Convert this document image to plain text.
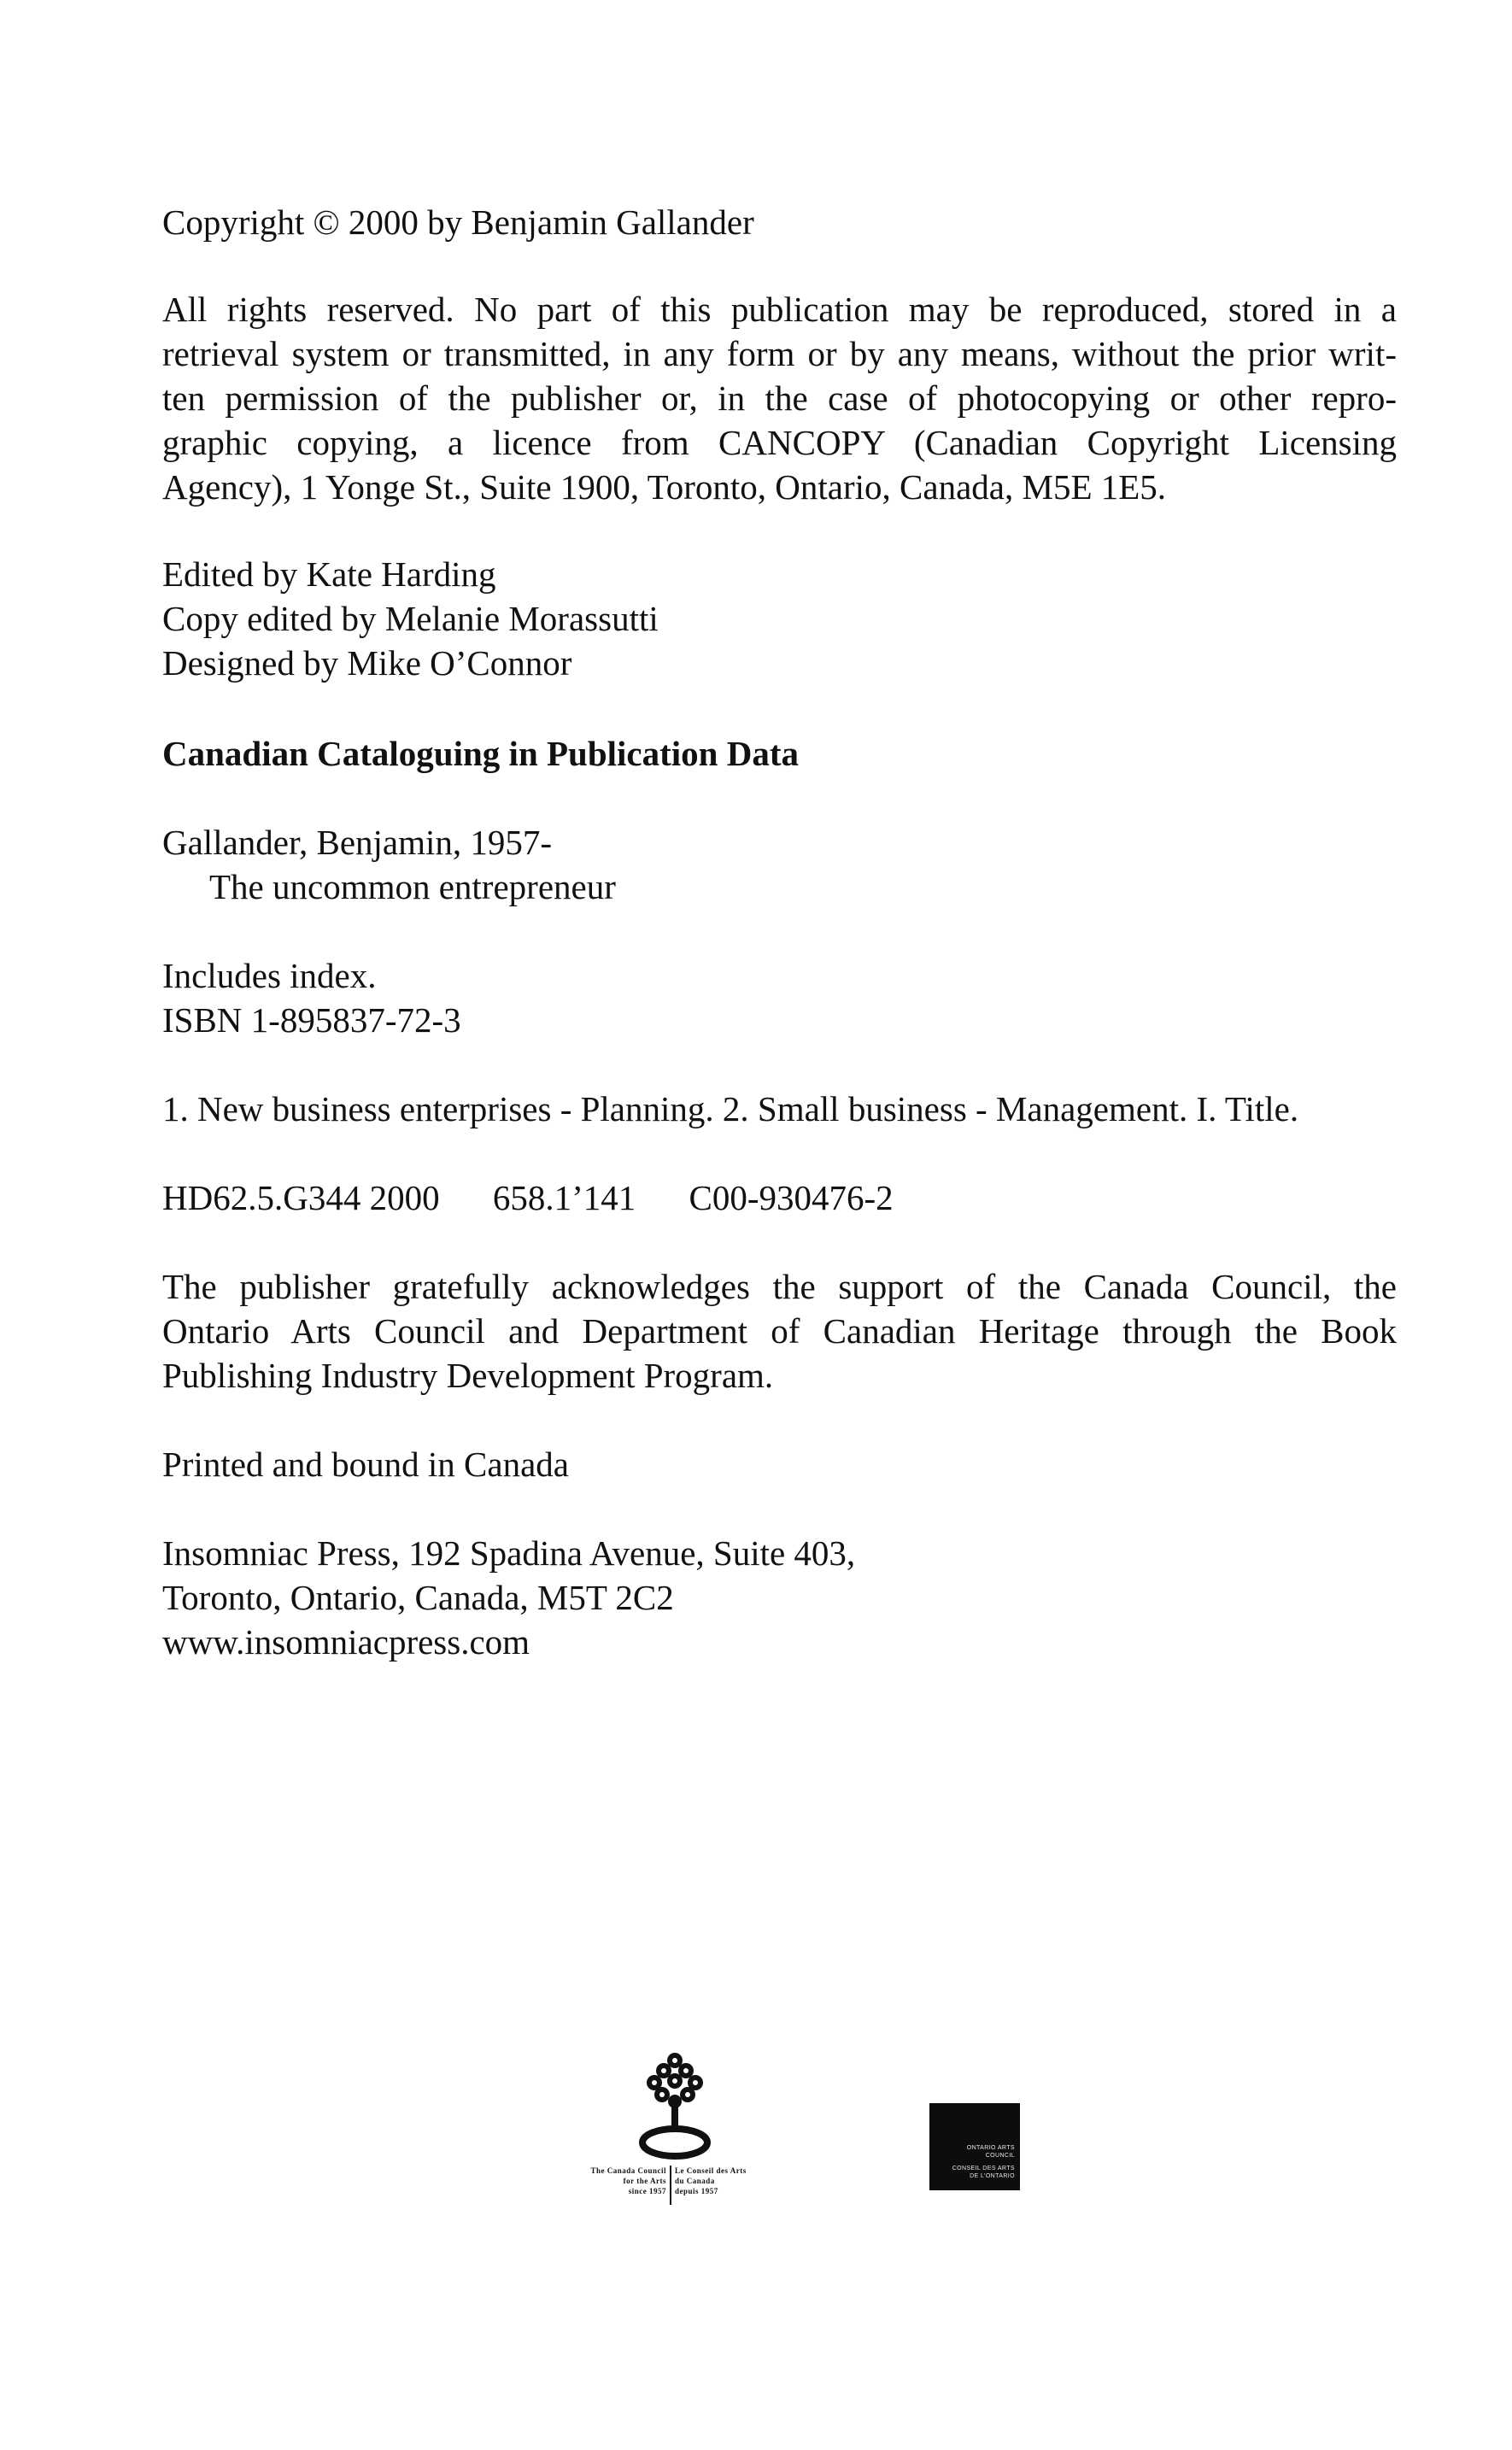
Copyright © 2000 by Benjamin Gallander
All rights reserved. No part of this publication may be reproduced, stored in a
retrieval system or transmitted, in any form or by any means, without the prior writ-
ten permission of the publisher or, in the case of photocopying or other repro-
graphic copying, a licence from CANCOPY (Canadian Copyright Licensing
Agency), 1 Yonge St., Suite 1900, Toronto, Ontario, Canada, M5E 1E5.
Edited by Kate Harding
Copy edited by Melanie Morassutti
Designed by Mike O’Connor
Canadian Cataloguing in Publication Data
Gallander, Benjamin, 1957-
The uncommon entrepreneur
Includes index.
ISBN 1-895837-72-3
1. New business enterprises - Planning. 2. Small business - Management. I. Title.
HD62.5.G344 2000 658.1’141 C00-930476-2
The publisher gratefully acknowledges the support of the Canada Council, the
Ontario Arts Council and Department of Canadian Heritage through the Book
Publishing Industry Development Program.
Printed and bound in Canada
Insomniac Press, 192 Spadina Avenue, Suite 403,
Toronto, Ontario, Canada, M5T 2C2
www.insomniacpress.com
The Canada Council
for the Arts
since 1957
Le Conseil des Arts
du Canada
depuis 1957
ONTARIO ARTS
COUNCIL
CONSEIL DES ARTS
DE L’ONTARIO
